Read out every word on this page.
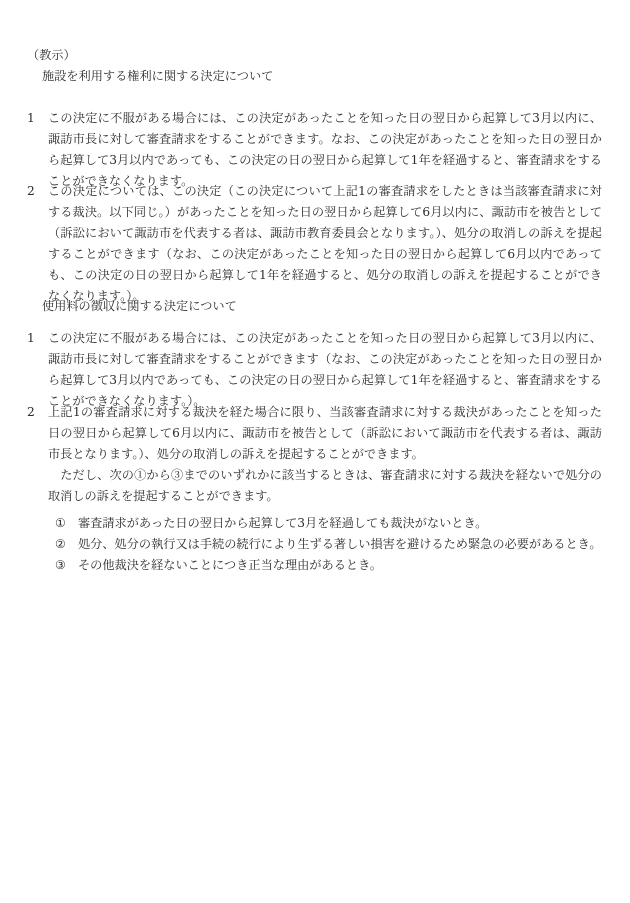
（教示）
施設を利用する権利に関する決定について
1	この決定に不服がある場合には、この決定があったことを知った日の翌日から起算して3月以内に、諏訪市長に対して審査請求をすることができます。なお、この決定があったことを知った日の翌日から起算して3月以内であっても、この決定の日の翌日から起算して1年を経過すると、審査請求をすることができなくなります。
2	この決定については、この決定（この決定について上記1の審査請求をしたときは当該審査請求に対する裁決。以下同じ。）があったことを知った日の翌日から起算して6月以内に、諏訪市を被告として（訴訟において諏訪市を代表する者は、諏訪市教育委員会となります。）、処分の取消しの訴えを提起することができます（なお、この決定があったことを知った日の翌日から起算して6月以内であっても、この決定の日の翌日から起算して1年を経過すると、処分の取消しの訴えを提起することができなくなります。）。
使用料の徴収に関する決定について
1	この決定に不服がある場合には、この決定があったことを知った日の翌日から起算して3月以内に、諏訪市長に対して審査請求をすることができます（なお、この決定があったことを知った日の翌日から起算して3月以内であっても、この決定の日の翌日から起算して1年を経過すると、審査請求をすることができなくなります。）。
2	上記1の審査請求に対する裁決を経た場合に限り、当該審査請求に対する裁決があったことを知った日の翌日から起算して6月以内に、諏訪市を被告として（訴訟において諏訪市を代表する者は、諏訪市長となります。）、処分の取消しの訴えを提起することができます。
ただし、次の①から③までのいずれかに該当するときは、審査請求に対する裁決を経ないで処分の取消しの訴えを提起することができます。
① 審査請求があった日の翌日から起算して3月を経過しても裁決がないとき。
② 処分、処分の執行又は手続の続行により生ずる著しい損害を避けるため緊急の必要があるとき。
③ その他裁決を経ないことにつき正当な理由があるとき。
